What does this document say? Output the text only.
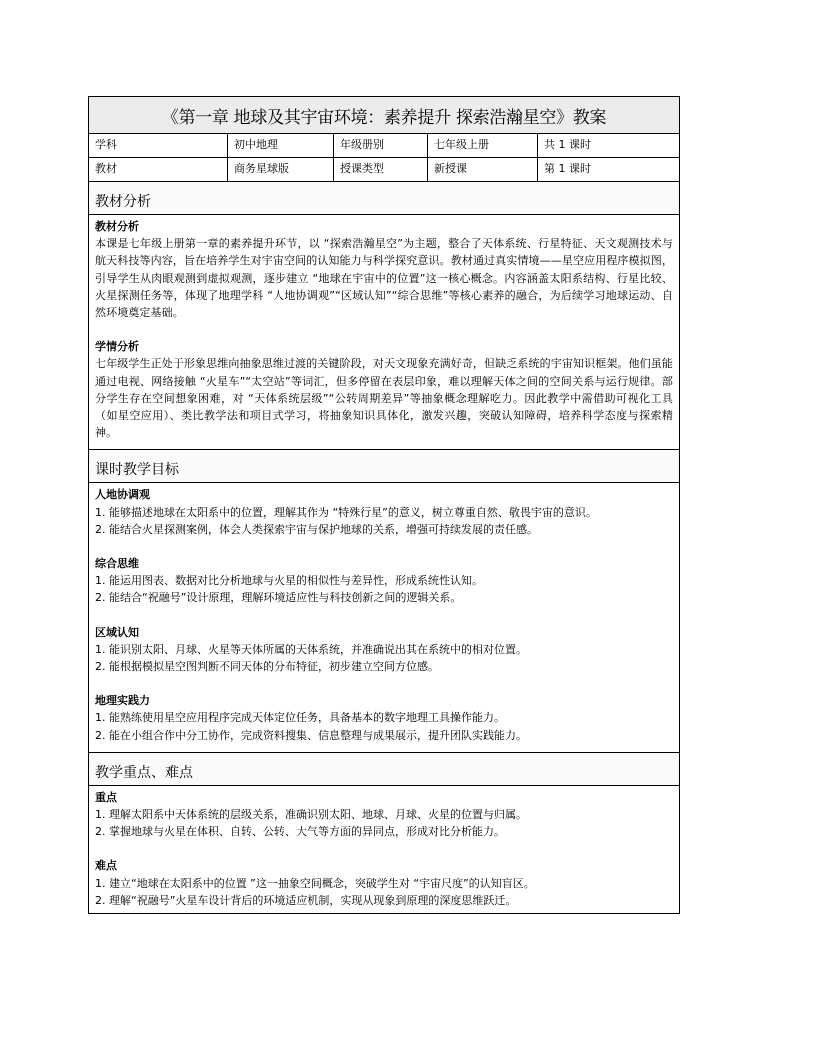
《第一章 地球及其宇宙环境：素养提升 探索浩瀚星空》教案
学科	初中地理	年级册别	七年级上册	共 1 课时
教材	商务星球版	授课类型	新授课	第 1 课时
教材分析
教材分析
本课是七年级上册第一章的素养提升环节，以 “探索浩瀚星空”为主题，整合了天体系统、行星特征、天文观测技术与航天科技等内容，旨在培养学生对宇宙空间的认知能力与科学探究意识。教材通过真实情境——星空应用程序模拟图，引导学生从肉眼观测到虚拟观测，逐步建立 “地球在宇宙中的位置”这一核心概念。内容涵盖太阳系结构、行星比较、火星探测任务等，体现了地理学科 “人地协调观”“区域认知”“综合思维”等核心素养的融合，为后续学习地球运动、自然环境奠定基础。
学情分析
七年级学生正处于形象思维向抽象思维过渡的关键阶段，对天文现象充满好奇，但缺乏系统的宇宙知识框架。他们虽能通过电视、网络接触 “火星车”“太空站”等词汇，但多停留在表层印象，难以理解天体之间的空间关系与运行规律。部分学生存在空间想象困难，对 “天体系统层级”“公转周期差异”等抽象概念理解吃力。因此教学中需借助可视化工具（如星空应用）、类比教学法和项目式学习，将抽象知识具体化，激发兴趣，突破认知障碍，培养科学态度与探索精神。
课时教学目标
人地协调观
1. 能够描述地球在太阳系中的位置，理解其作为 “特殊行星”的意义，树立尊重自然、敬畏宇宙的意识。
2. 能结合火星探测案例，体会人类探索宇宙与保护地球的关系，增强可持续发展的责任感。
综合思维
1. 能运用图表、数据对比分析地球与火星的相似性与差异性，形成系统性认知。
2. 能结合“祝融号”设计原理，理解环境适应性与科技创新之间的逻辑关系。
区域认知
1. 能识别太阳、月球、火星等天体所属的天体系统，并准确说出其在系统中的相对位置。
2. 能根据模拟星空图判断不同天体的分布特征，初步建立空间方位感。
地理实践力
1. 能熟练使用星空应用程序完成天体定位任务，具备基本的数字地理工具操作能力。
2. 能在小组合作中分工协作，完成资料搜集、信息整理与成果展示，提升团队实践能力。
教学重点、难点
重点
1. 理解太阳系中天体系统的层级关系，准确识别太阳、地球、月球、火星的位置与归属。
2. 掌握地球与火星在体积、自转、公转、大气等方面的异同点，形成对比分析能力。
难点
1. 建立“地球在太阳系中的位置 ”这一抽象空间概念，突破学生对 “宇宙尺度”的认知盲区。
2. 理解“祝融号”火星车设计背后的环境适应机制，实现从现象到原理的深度思维跃迁。
